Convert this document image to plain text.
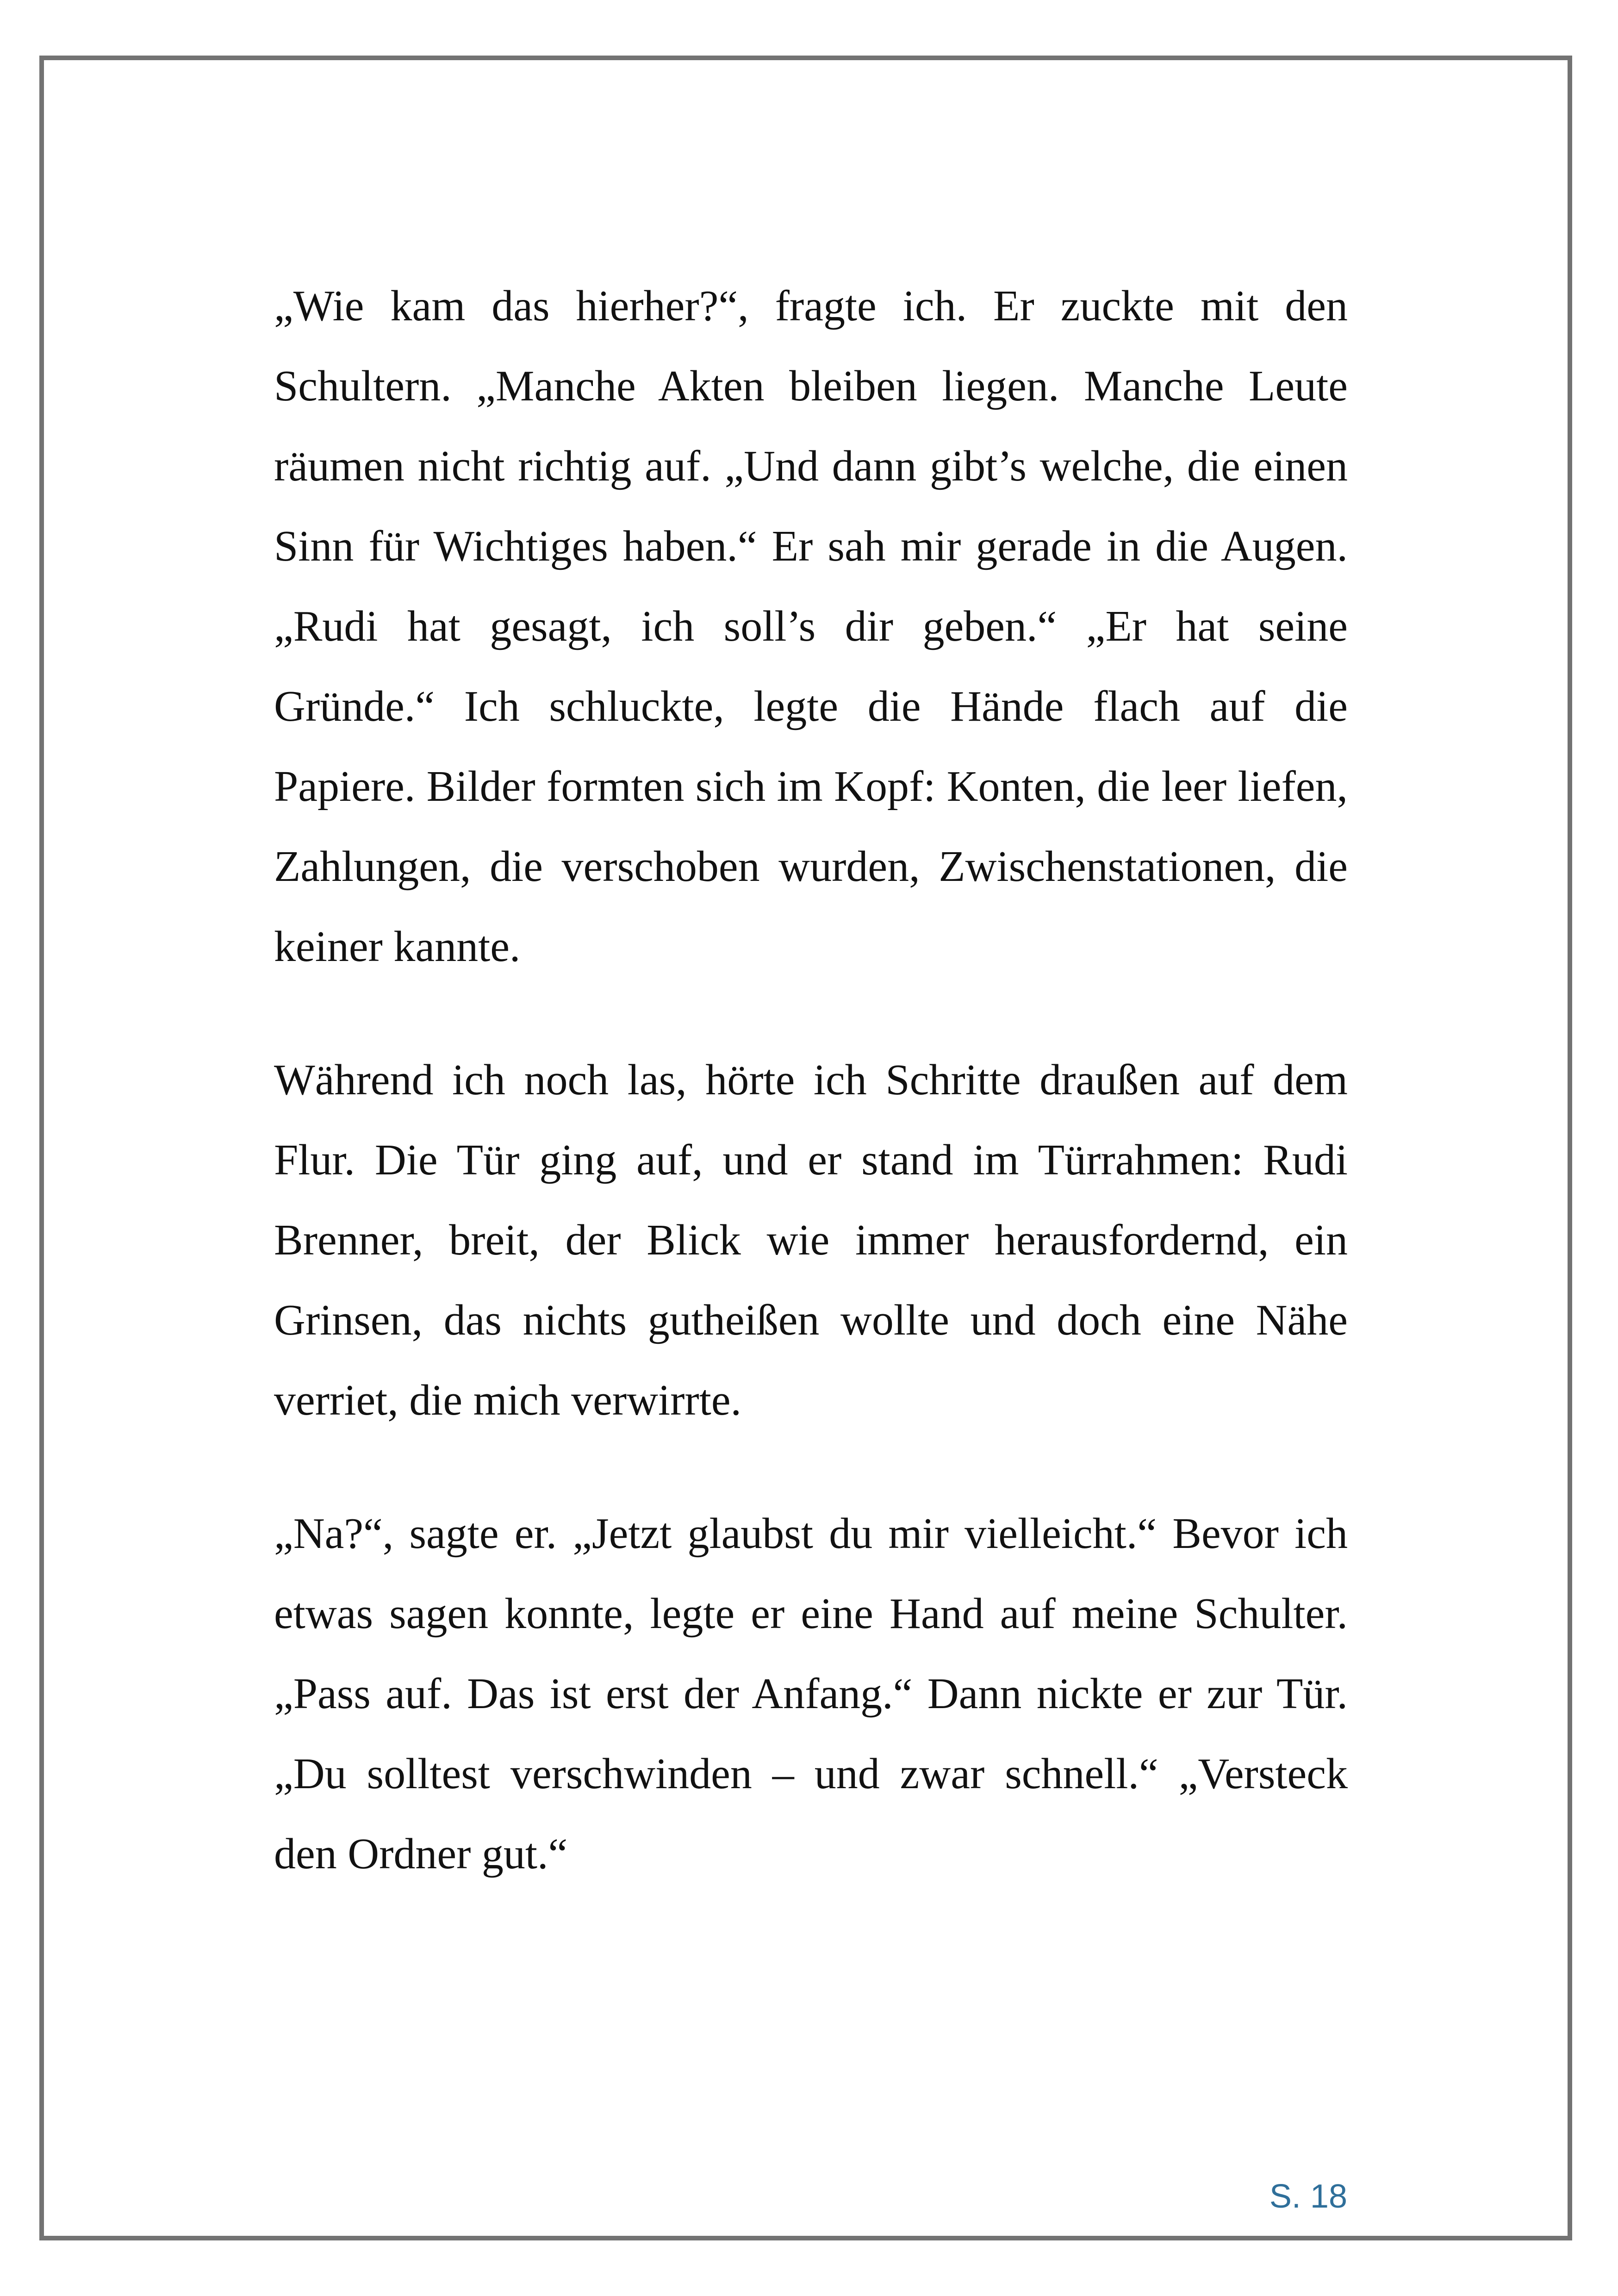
„Wie kam das hierher?“, fragte ich. Er zuckte mit den Schultern. „Manche Akten bleiben liegen. Manche Leute räumen nicht richtig auf. „Und dann gibt’s welche, die einen Sinn für Wichtiges haben.“ Er sah mir gerade in die Augen. „Rudi hat gesagt, ich soll’s dir geben.“ „Er hat seine Gründe.“ Ich schluckte, legte die Hände flach auf die Papiere. Bilder formten sich im Kopf: Konten, die leer liefen, Zahlungen, die verschoben wurden, Zwischenstationen, die keiner kannte.

Während ich noch las, hörte ich Schritte draußen auf dem Flur. Die Tür ging auf, und er stand im Türrahmen: Rudi Brenner, breit, der Blick wie immer herausfordernd, ein Grinsen, das nichts gutheißen wollte und doch eine Nähe verriet, die mich verwirrte.

„Na?“, sagte er. „Jetzt glaubst du mir vielleicht.“ Bevor ich etwas sagen konnte, legte er eine Hand auf meine Schulter. „Pass auf. Das ist erst der Anfang.“ Dann nickte er zur Tür. „Du solltest verschwinden – und zwar schnell.“ „Versteck den Ordner gut.“

S. 18
